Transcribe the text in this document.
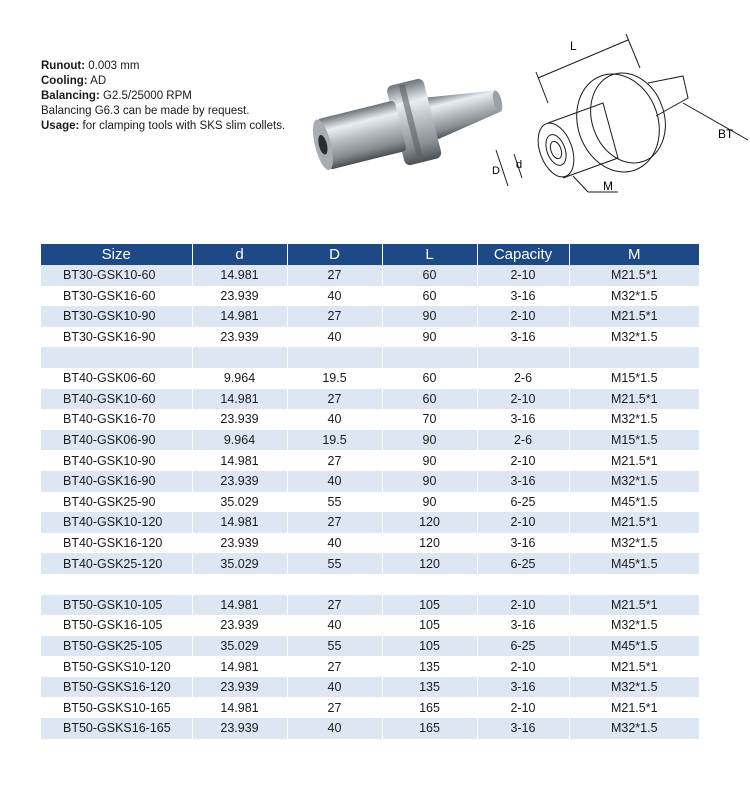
Runout: 0.003 mm
Cooling: AD
Balancing: G2.5/25000 RPM
Balancing G6.3 can be made by request.
Usage: for clamping tools with SKS slim collets.
L
BT
D d
M
Size	d	D	L	Capacity	M
BT30-GSK10-60	14.981	27	60	2-10	M21.5*1
BT30-GSK16-60	23.939	40	60	3-16	M32*1.5
BT30-GSK10-90	14.981	27	90	2-10	M21.5*1
BT30-GSK16-90	23.939	40	90	3-16	M32*1.5

BT40-GSK06-60	9.964	19.5	60	2-6	M15*1.5
BT40-GSK10-60	14.981	27	60	2-10	M21.5*1
BT40-GSK16-70	23.939	40	70	3-16	M32*1.5
BT40-GSK06-90	9.964	19.5	90	2-6	M15*1.5
BT40-GSK10-90	14.981	27	90	2-10	M21.5*1
BT40-GSK16-90	23.939	40	90	3-16	M32*1.5
BT40-GSK25-90	35.029	55	90	6-25	M45*1.5
BT40-GSK10-120	14.981	27	120	2-10	M21.5*1
BT40-GSK16-120	23.939	40	120	3-16	M32*1.5
BT40-GSK25-120	35.029	55	120	6-25	M45*1.5

BT50-GSK10-105	14.981	27	105	2-10	M21.5*1
BT50-GSK16-105	23.939	40	105	3-16	M32*1.5
BT50-GSK25-105	35.029	55	105	6-25	M45*1.5
BT50-GSKS10-120	14.981	27	135	2-10	M21.5*1
BT50-GSKS16-120	23.939	40	135	3-16	M32*1.5
BT50-GSKS10-165	14.981	27	165	2-10	M21.5*1
BT50-GSKS16-165	23.939	40	165	3-16	M32*1.5
